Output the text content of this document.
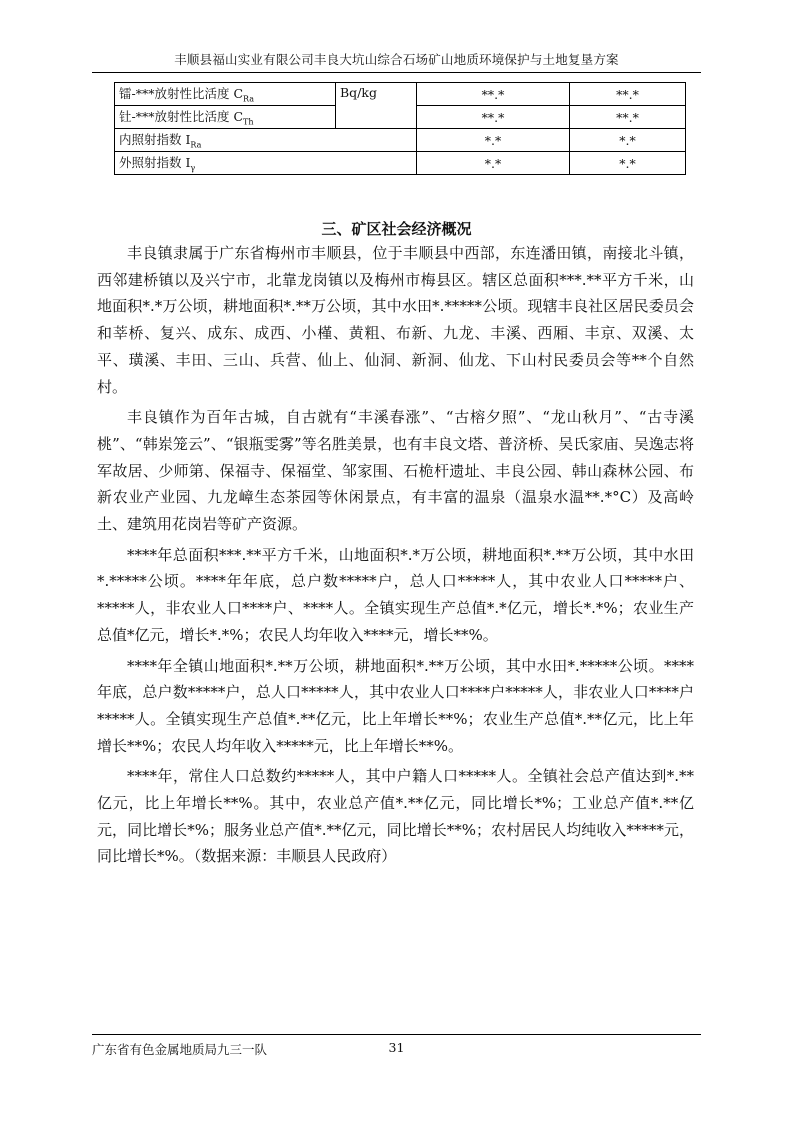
丰顺县福山实业有限公司丰良大坑山综合石场矿山地质环境保护与土地复垦方案
镭-***放射性比活度 $C_{Ra}$	Bq/kg	**.*	**.*
钍-***放射性比活度 $C_{Th}$		**.*	**.*
内照射指数 $I_{Ra}$		*.*	*.*
外照射指数 $I_\gamma$		*.*	*.*
三、矿区社会经济概况

丰良镇隶属于广东省梅州市丰顺县，位于丰顺县中西部，东连潘田镇，南接北斗镇，西邻建桥镇以及兴宁市，北靠龙岗镇以及梅州市梅县区。辖区总面积***.**平方千米，山地面积*.*万公顷，耕地面积*.**万公顷，其中水田*.*****公顷。现辖丰良社区居民委员会和莘桥、复兴、成东、成西、小槿、黄粗、布新、九龙、丰溪、西厢、丰京、双溪、太平、璜溪、丰田、三山、兵营、仙上、仙洞、新洞、仙龙、下山村民委员会等**个自然村。

丰良镇作为百年古城，自古就有“丰溪春涨”、“古榕夕照”、“龙山秋月”、“古寺溪桃”、“韩岽笼云”、“银瓶雯雾”等名胜美景，也有丰良文塔、普济桥、吴氏家庙、吴逸志将军故居、少师第、保福寺、保福堂、邹家围、石桅杆遗址、丰良公园、韩山森林公园、布新农业产业园、九龙嶂生态茶园等休闲景点，有丰富的温泉（温泉水温**.*°C）及高岭土、建筑用花岗岩等矿产资源。

****年总面积***.**平方千米，山地面积*.*万公顷，耕地面积*.**万公顷，其中水田*.*****公顷。****年年底，总户数*****户，总人口*****人，其中农业人口*****户、*****人，非农业人口****户、****人。全镇实现生产总值*.*亿元，增长*.*%；农业生产总值*亿元，增长*.*%；农民人均年收入****元，增长**%。

****年全镇山地面积*.**万公顷，耕地面积*.**万公顷，其中水田*.*****公顷。****年底，总户数*****户，总人口*****人，其中农业人口****户*****人，非农业人口****户*****人。全镇实现生产总值*.**亿元，比上年增长**%；农业生产总值*.**亿元，比上年增长**%；农民人均年收入*****元，比上年增长**%。

****年，常住人口总数约*****人，其中户籍人口*****人。全镇社会总产值达到*.**亿元，比上年增长**%。其中，农业总产值*.**亿元，同比增长*%；工业总产值*.**亿元，同比增长*%；服务业总产值*.**亿元，同比增长**%；农村居民人均纯收入*****元，同比增长*%。（数据来源：丰顺县人民政府）

广东省有色金属地质局九三一队	31
